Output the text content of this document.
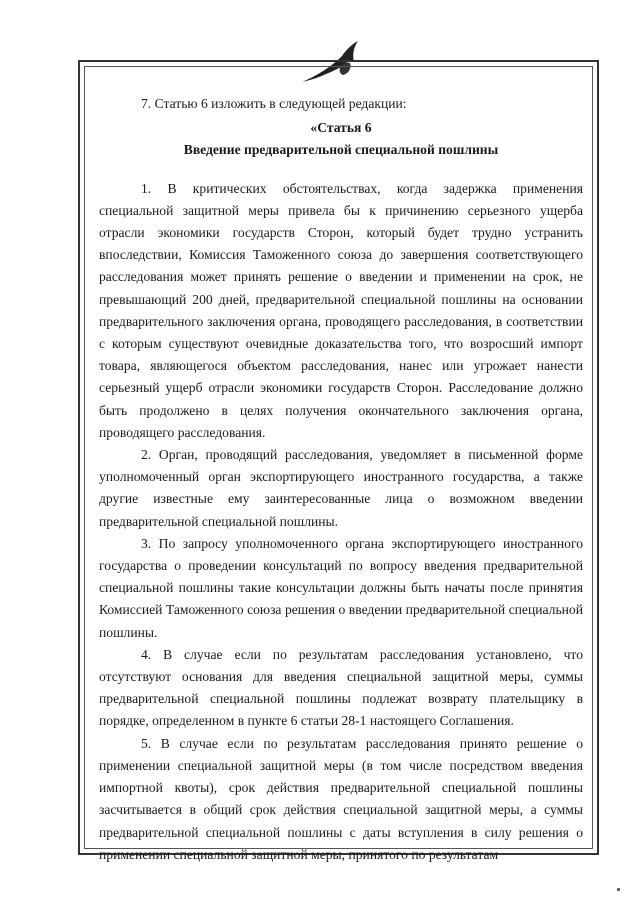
7. Статью 6 изложить в следующей редакции:

«Статья 6

Введение предварительной специальной пошлины

1. В критических обстоятельствах, когда задержка применения специальной защитной меры привела бы к причинению серьезного ущерба отрасли экономики государств Сторон, который будет трудно устранить впоследствии, Комиссия Таможенного союза до завершения соответствующего расследования может принять решение о введении и применении на срок, не превышающий 200 дней, предварительной специальной пошлины на основании предварительного заключения органа, проводящего расследования, в соответствии с которым существуют очевидные доказательства того, что возросший импорт товара, являющегося объектом расследования, нанес или угрожает нанести серьезный ущерб отрасли экономики государств Сторон. Расследование должно быть продолжено в целях получения окончательного заключения органа, проводящего расследования.

2. Орган, проводящий расследования, уведомляет в письменной форме уполномоченный орган экспортирующего иностранного государства, а также другие известные ему заинтересованные лица о возможном введении предварительной специальной пошлины.

3. По запросу уполномоченного органа экспортирующего иностранного государства о проведении консультаций по вопросу введения предварительной специальной пошлины такие консультации должны быть начаты после принятия Комиссией Таможенного союза решения о введении предварительной специальной пошлины.

4. В случае если по результатам расследования установлено, что отсутствуют основания для введения специальной защитной меры, суммы предварительной специальной пошлины подлежат возврату плательщику в порядке, определенном в пункте 6 статьи 28-1 настоящего Соглашения.

5. В случае если по результатам расследования принято решение о применении специальной защитной меры (в том числе посредством введения импортной квоты), срок действия предварительной специальной пошлины засчитывается в общий срок действия специальной защитной меры, а суммы предварительной специальной пошлины с даты вступления в силу решения о применении специальной защитной меры, принятого по результатам
